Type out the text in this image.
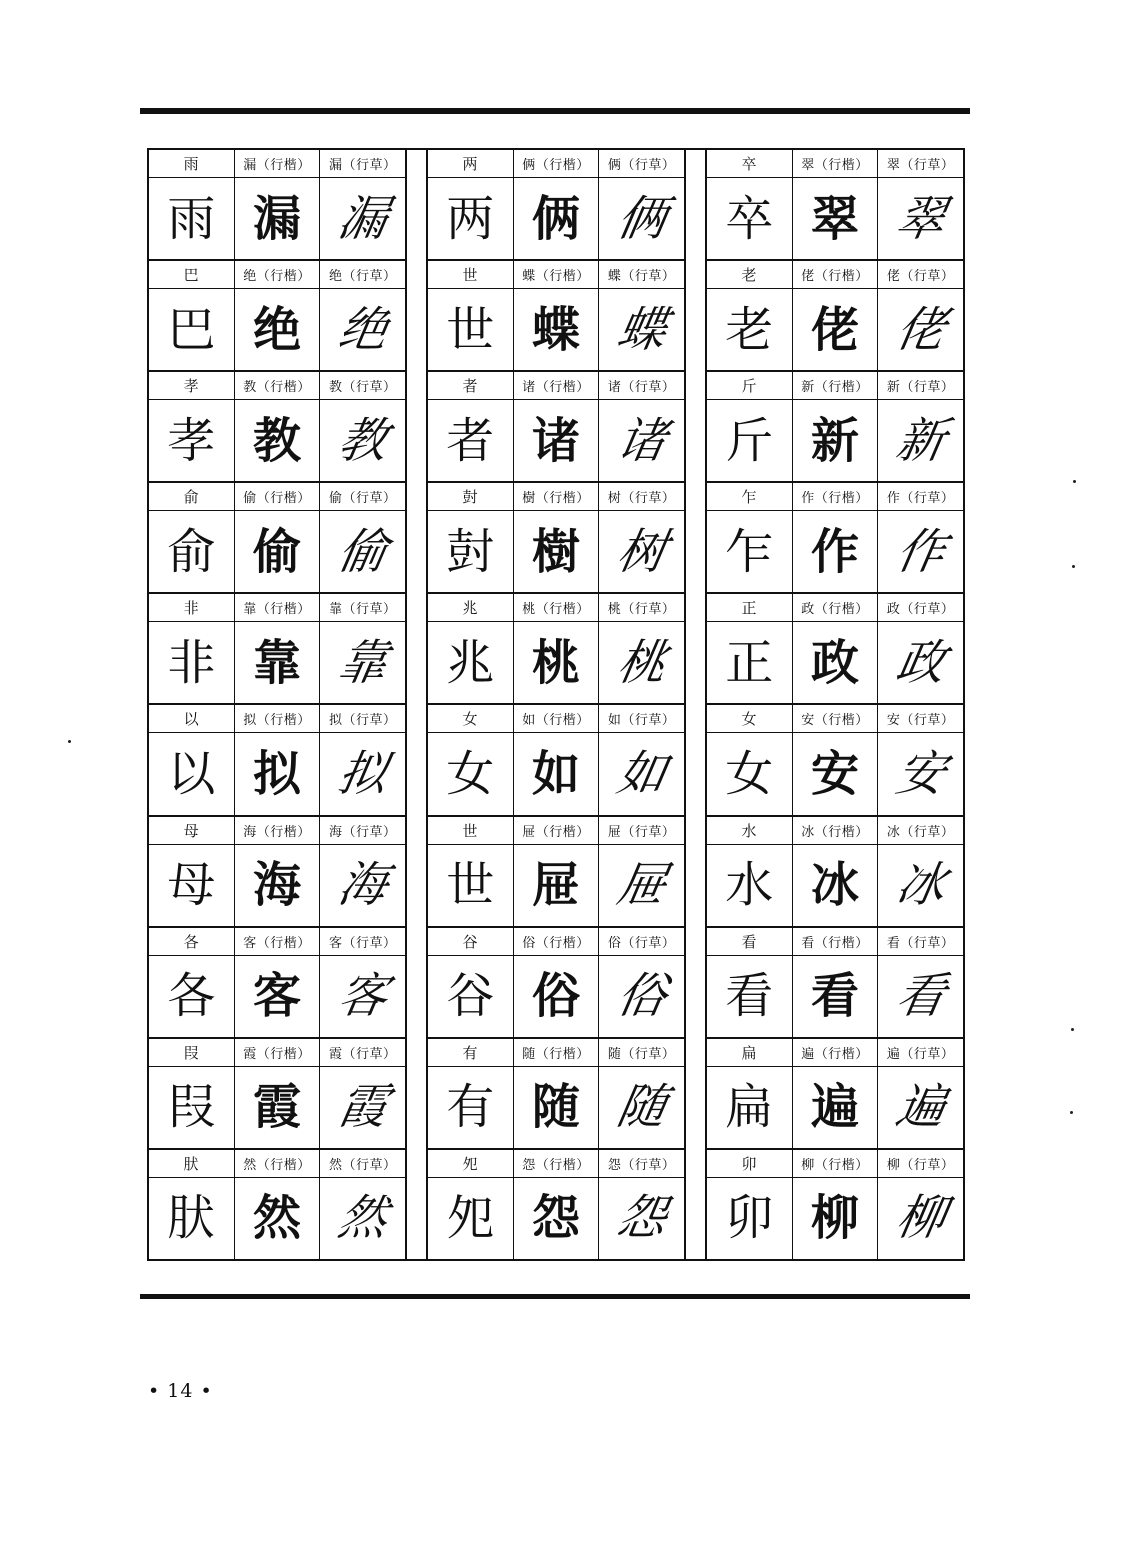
雨	漏（行楷） 漏（行草）
雨 漏 漏
巴	绝（行楷） 绝（行草）
巴 绝 绝
孝	教（行楷） 教（行草）
孝 教 教
俞	偷（行楷） 偷（行草）
俞 偷 偷
非	靠（行楷） 靠（行草）
非 靠 靠
以	拟（行楷） 拟（行草）
以 拟 拟
母	海（行楷） 海（行草）
母 海 海
各	客（行楷） 客（行草）
各 客 客
叚	霞（行楷） 霞（行草）
叚 霞 霞
肰	然（行楷） 然（行草）
肰 然 然
两	俩（行楷） 俩（行草）
两 俩 俩
世	蝶（行楷） 蝶（行草）
世 蝶 蝶
者	诸（行楷） 诸（行草）
者 诸 诸
尌	樹（行楷） 树（行草）
尌 樹 树
兆	桃（行楷） 桃（行草）
兆 桃 桃
女	如（行楷） 如（行草）
女 如 如
世	屉（行楷） 屉（行草）
世 屉 屉
谷	俗（行楷） 俗（行草）
谷 俗 俗
有	随（行楷） 随（行草）
有 随 随
夗	怨（行楷） 怨（行草）
夗 怨 怨
卒	翠（行楷） 翠（行草）
卒 翠 翠
老	佬（行楷） 佬（行草）
老 佬 佬
斤	新（行楷） 新（行草）
斤 新 新
乍	作（行楷） 作（行草）
乍 作 作
正	政（行楷） 政（行草）
正 政 政
女	安（行楷） 安（行草）
女 安 安
水	冰（行楷） 冰（行草）
水 冰 冰
看	看（行楷） 看（行草）
看 看 看
扁	遍（行楷） 遍（行草）
扁 遍 遍
卯	柳（行楷） 柳（行草）
卯 柳 柳
• 14 •
